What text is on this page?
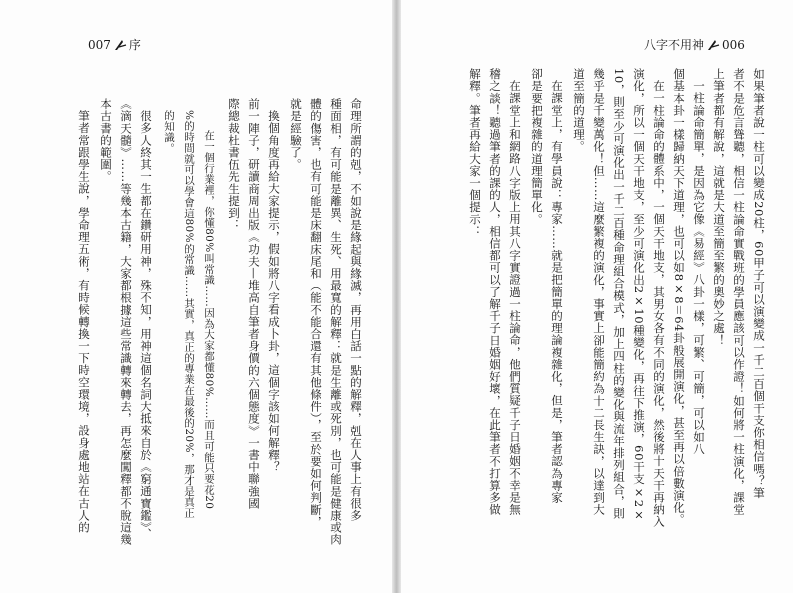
007 序
命理所謂的剋，不如說是緣起與緣滅，再用白話一點的解釋，剋在人事上有很多
種面相，有可能是離異、生死、用最寬的解釋：就是生離或死別，也可能是健康或肉
體的傷害，也有可能是床翻床尾和（能不能合還有其他條件），至於要如何判斷，
就是經驗了。
換個角度再給大家提示，假如將八字看成卜卦，這個字該如何解釋？
前一陣子，研讀商周出版《功夫—堆高自筆者身價的六個態度》一書中聯強國
際總裁杜書伍先生提到：
在一個行業裡，你懂80%叫常識……因為大家都懂80%……而且可能只要花20
%的時間就可以學會這80%的常識……其實，真正的專業在最後的20%，那才是真正
的知識。
很多人終其一生都在鑽研用神，殊不知，用神這個名詞大抵來自於《窮通寶鑑》、
《滴天髓》……等幾本古籍，大家都根據這些常識轉來轉去，再怎麼闖釋都不脫這幾
本古書的範圍。
筆者常跟學生說，學命理五術，有時候轉換一下時空環境，設身處地站在古人的
八字不用神 006
如果筆者說一柱可以變成20柱，60甲子可以演變成一千二百個干支你相信嗎？筆
者不是危言聳聽，相信一柱論命實戰班的學員應該可以作證！如何將一柱演化，課堂
上筆者都有解說，這就是大道至簡至繁的奧妙之處！
一柱論命簡單，是因為它像《易經》八卦一樣，可繁、可簡，可以如八
個基本卦一樣歸納天下道理，也可以如8×8＝64卦般展開演化，甚至再以倍數演化。
在一柱論命的體系中，一個天干地支，其男女各有不同的演化，然後將十天干再納入
演化，所以一個天干地支，至少可演化出2×10種變化，再往下推演，60干支×2×
10，則至少可演化出一千二百種命理組合模式，加上四柱的變化與流年排列組合，則
幾乎是千變萬化！但……這麼繁複的演化，事實上卻能簡約為十二長生訣，以達到大
道至簡的道理。
在課堂上，有學員說：專家……就是把簡單的理論複雜化，但是，筆者認為專家
卻是要把複雜的道理簡單化。
在課堂上和網路八字版上用其八字實證過一柱論命，他們質疑千子日婚姻不幸是無
稽之談！聽過筆者的課的人，相信都可以了解千子日婚姻好壞，在此筆者不打算多做
解釋。筆者再給大家一個提示：
